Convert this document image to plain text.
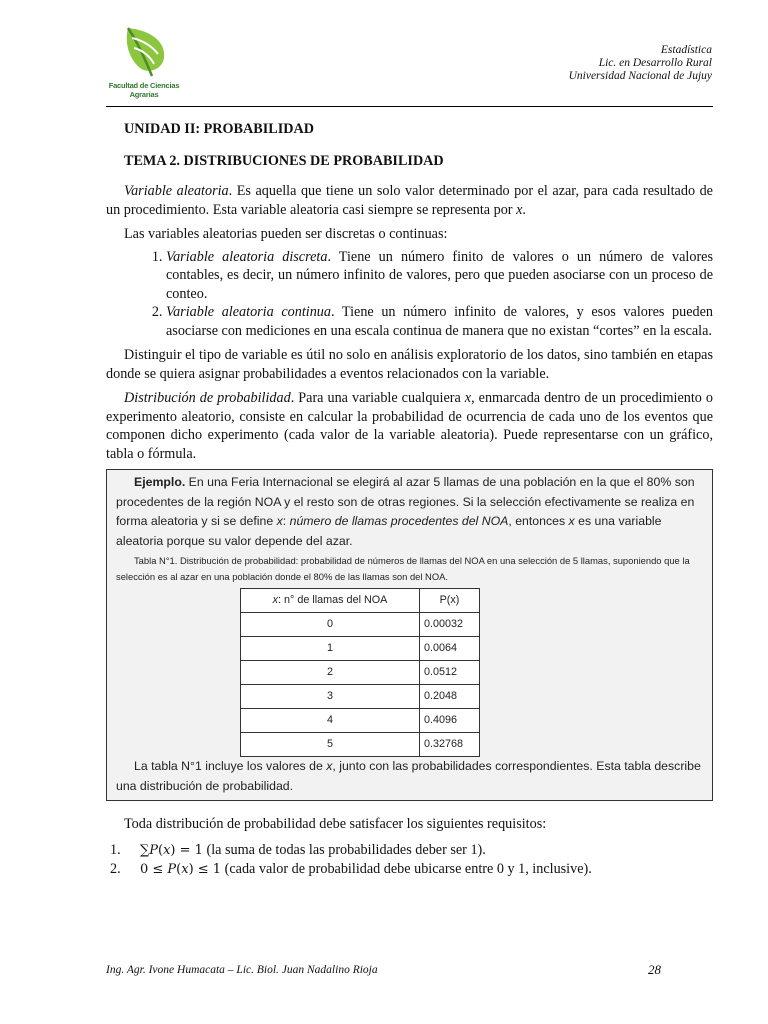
Facultad de Ciencias
Agrarias
Estadística
Lic. en Desarrollo Rural
Universidad Nacional de Jujuy
UNIDAD II: PROBABILIDAD
TEMA 2. DISTRIBUCIONES DE PROBABILIDAD

Variable aleatoria. Es aquella que tiene un solo valor determinado por el azar, para cada resultado de un procedimiento. Esta variable aleatoria casi siempre se representa por x.

Las variables aleatorias pueden ser discretas o continuas:

1. Variable aleatoria discreta. Tiene un número finito de valores o un número de valores contables, es decir, un número infinito de valores, pero que pueden asociarse con un proceso de conteo.
2. Variable aleatoria continua. Tiene un número infinito de valores, y esos valores pueden asociarse con mediciones en una escala continua de manera que no existan “cortes” en la escala.

Distinguir el tipo de variable es útil no solo en análisis exploratorio de los datos, sino también en etapas donde se quiera asignar probabilidades a eventos relacionados con la variable.

Distribución de probabilidad. Para una variable cualquiera x, enmarcada dentro de un procedimiento o experimento aleatorio, consiste en calcular la probabilidad de ocurrencia de cada uno de los eventos que componen dicho experimento (cada valor de la variable aleatoria). Puede representarse con un gráfico, tabla o fórmula.

Ejemplo. En una Feria Internacional se elegirá al azar 5 llamas de una población en la que el 80% son procedentes de la región NOA y el resto son de otras regiones. Si la selección efectivamente se realiza en forma aleatoria y si se define x: número de llamas procedentes del NOA, entonces x es una variable aleatoria porque su valor depende del azar.

Tabla N°1. Distribución de probabilidad: probabilidad de números de llamas del NOA en una selección de 5 llamas, suponiendo que la selección es al azar en una población donde el 80% de las llamas son del NOA.

x: n° de llamas del NOA	P(x)
0	0.00032
1	0.0064
2	0.0512
3	0.2048
4	0.4096
5	0.32768

La tabla N°1 incluye los valores de x, junto con las probabilidades correspondientes. Esta tabla describe una distribución de probabilidad.

Toda distribución de probabilidad debe satisfacer los siguientes requisitos:

1.	∑𝑃(𝑥) = 1 (la suma de todas las probabilidades deber ser 1).
2.	0 ≤ 𝑃(𝑥) ≤ 1 (cada valor de probabilidad debe ubicarse entre 0 y 1, inclusive).
Ing. Agr. Ivone Humacata – Lic. Biol. Juan Nadalino Rioja	28
